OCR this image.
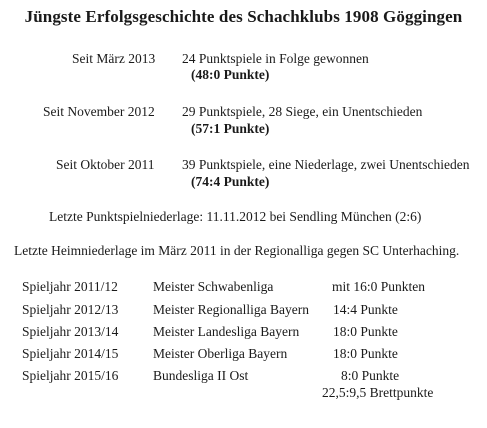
Jüngste Erfolgsgeschichte des Schachklubs 1908 Göggingen
Seit März 2013 24 Punktspiele in Folge gewonnen
(48:0 Punkte)
Seit November 2012 29 Punktspiele, 28 Siege, ein Unentschieden
(57:1 Punkte)
Seit Oktober 2011 39 Punktspiele, eine Niederlage, zwei Unentschieden
(74:4 Punkte)
Letzte Punktspielniederlage: 11.11.2012 bei Sendling München (2:6)
Letzte Heimniederlage im März 2011 in der Regionalliga gegen SC Unterhaching.
Spieljahr 2011/12	Meister Schwabenliga	mit 16:0 Punkten
Spieljahr 2012/13	Meister Regionalliga Bayern 14:4 Punkte
Spieljahr 2013/14	Meister Landesliga Bayern	18:0 Punkte
Spieljahr 2014/15	Meister Oberliga Bayern	18:0 Punkte
Spieljahr 2015/16	Bundesliga II Ost	8:0 Punkte
22,5:9,5 Brettpunkte
